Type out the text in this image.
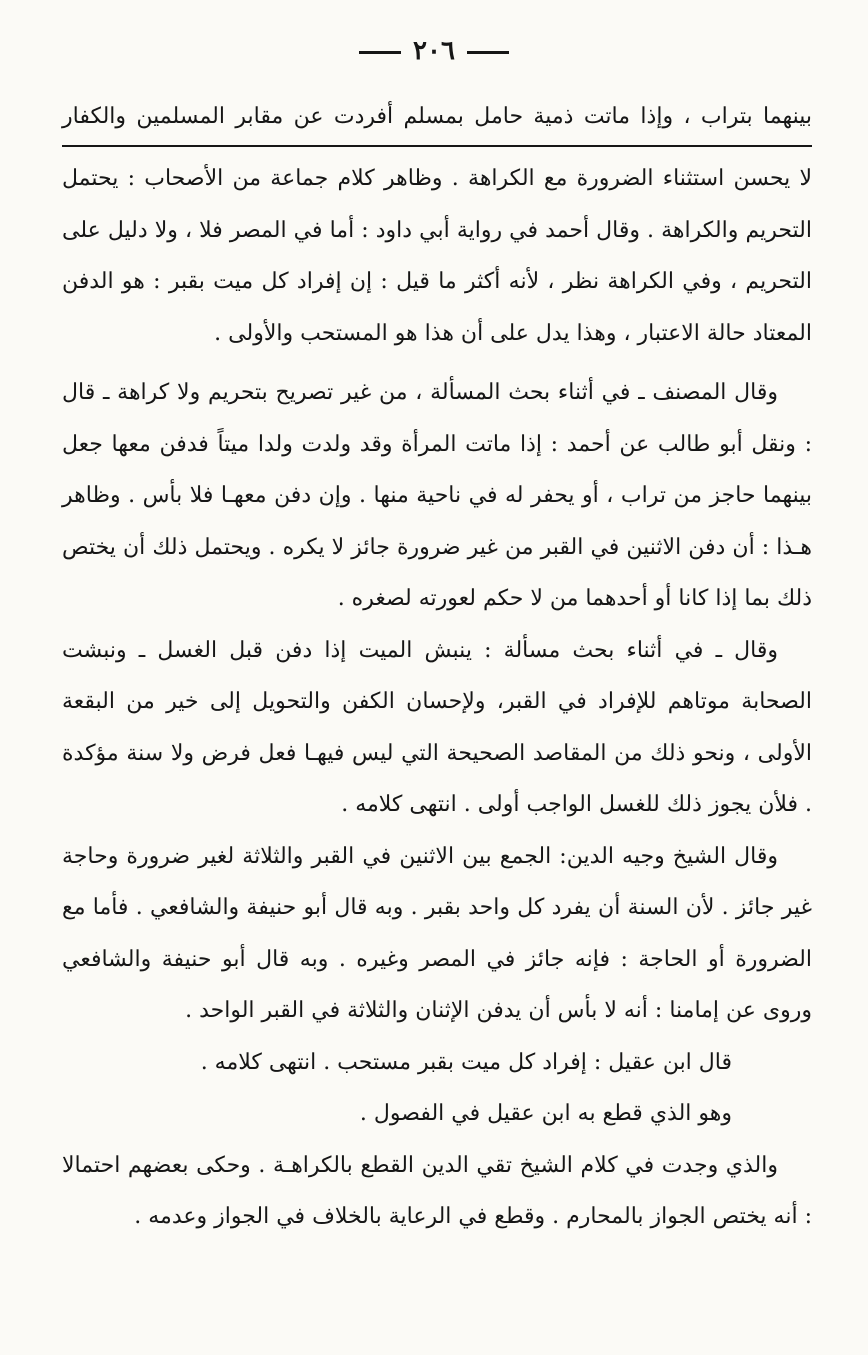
٢٠٦

بينهما بتراب ، وإذا ماتت ذمية حامل بمسلم أفردت عن مقابر المسلمين والكفار

لا يحسن استثناء الضرورة مع الكراهة . وظاهر كلام جماعة من الأصحاب : يحتمل التحريم والكراهة . وقال أحمد في رواية أبي داود : أما في المصر فلا ، ولا دليل على التحريم ، وفي الكراهة نظر ، لأنه أكثر ما قيل : إن إفراد كل ميت بقبر : هو الدفن المعتاد حالة الاعتبار ، وهذا يدل على أن هذا هو المستحب والأولى .

وقال المصنف ـ في أثناء بحث المسألة ، من غير تصريح بتحريم ولا كراهة ـ قال : ونقل أبو طالب عن أحمد : إذا ماتت المرأة وقد ولدت ولدا ميتاً فدفن معها جعل بينهما حاجز من تراب ، أو يحفر له في ناحية منها . وإن دفن معهـا فلا بأس . وظاهر هـذا : أن دفن الاثنين في القبر من غير ضرورة جائز لا يكره . ويحتمل ذلك أن يختص ذلك بما إذا كانا أو أحدهما من لا حكم لعورته لصغره .

وقال ـ في أثناء بحث مسألة : ينبش الميت إذا دفن قبل الغسل ـ ونبشت الصحابة موتاهم للإفراد في القبر، ولإحسان الكفن والتحويل إلى خير من البقعة الأولى ، ونحو ذلك من المقاصد الصحيحة التي ليس فيهـا فعل فرض ولا سنة مؤكدة . فلأن يجوز ذلك للغسل الواجب أولى . انتهى كلامه .

وقال الشيخ وجيه الدين: الجمع بين الاثنين في القبر والثلاثة لغير ضرورة وحاجة غير جائز . لأن السنة أن يفرد كل واحد بقبر . وبه قال أبو حنيفة والشافعي . فأما مع الضرورة أو الحاجة : فإنه جائز في المصر وغيره . وبه قال أبو حنيفة والشافعي وروى عن إمامنا : أنه لا بأس أن يدفن الإثنان والثلاثة في القبر الواحد .

قال ابن عقيل : إفراد كل ميت بقبر مستحب . انتهى كلامه .

وهو الذي قطع به ابن عقيل في الفصول .

والذي وجدت في كلام الشيخ تقي الدين القطع بالكراهـة . وحكى بعضهم احتمالا : أنه يختص الجواز بالمحارم . وقطع في الرعاية بالخلاف في الجواز وعدمه .
